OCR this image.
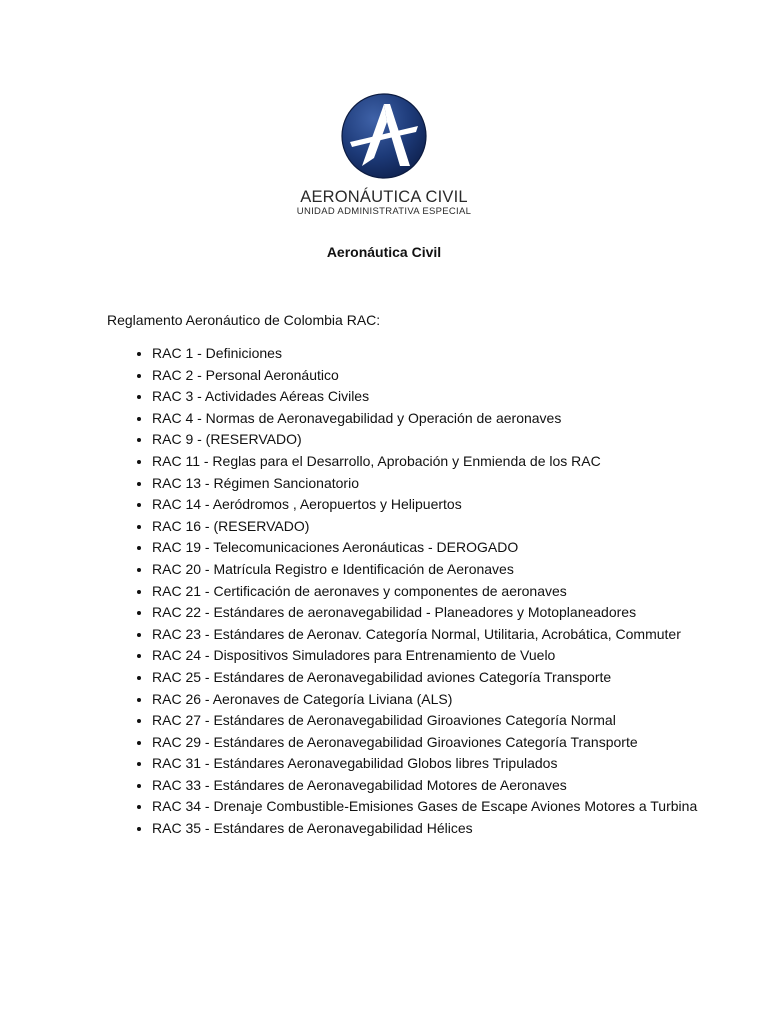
AERONÁUTICA CIVIL
UNIDAD ADMINISTRATIVA ESPECIAL
Aeronáutica Civil
Reglamento Aeronáutico de Colombia RAC:
• RAC 1 - Definiciones
• RAC 2 - Personal Aeronáutico
• RAC 3 - Actividades Aéreas Civiles
• RAC 4 - Normas de Aeronavegabilidad y Operación de aeronaves
• RAC 9 - (RESERVADO)
• RAC 11 - Reglas para el Desarrollo, Aprobación y Enmienda de los RAC
• RAC 13 - Régimen Sancionatorio
• RAC 14 - Aeródromos , Aeropuertos y Helipuertos
• RAC 16 - (RESERVADO)
• RAC 19 - Telecomunicaciones Aeronáuticas - DEROGADO
• RAC 20 - Matrícula Registro e Identificación de Aeronaves
• RAC 21 - Certificación de aeronaves y componentes de aeronaves
• RAC 22 - Estándares de aeronavegabilidad - Planeadores y Motoplaneadores
• RAC 23 - Estándares de Aeronav. Categoría Normal, Utilitaria, Acrobática, Commuter
• RAC 24 - Dispositivos Simuladores para Entrenamiento de Vuelo
• RAC 25 - Estándares de Aeronavegabilidad aviones Categoría Transporte
• RAC 26 - Aeronaves de Categoría Liviana (ALS)
• RAC 27 - Estándares de Aeronavegabilidad Giroaviones Categoría Normal
• RAC 29 - Estándares de Aeronavegabilidad Giroaviones Categoría Transporte
• RAC 31 - Estándares Aeronavegabilidad Globos libres Tripulados
• RAC 33 - Estándares de Aeronavegabilidad Motores de Aeronaves
• RAC 34 - Drenaje Combustible-Emisiones Gases de Escape Aviones Motores a Turbina
• RAC 35 - Estándares de Aeronavegabilidad Hélices
